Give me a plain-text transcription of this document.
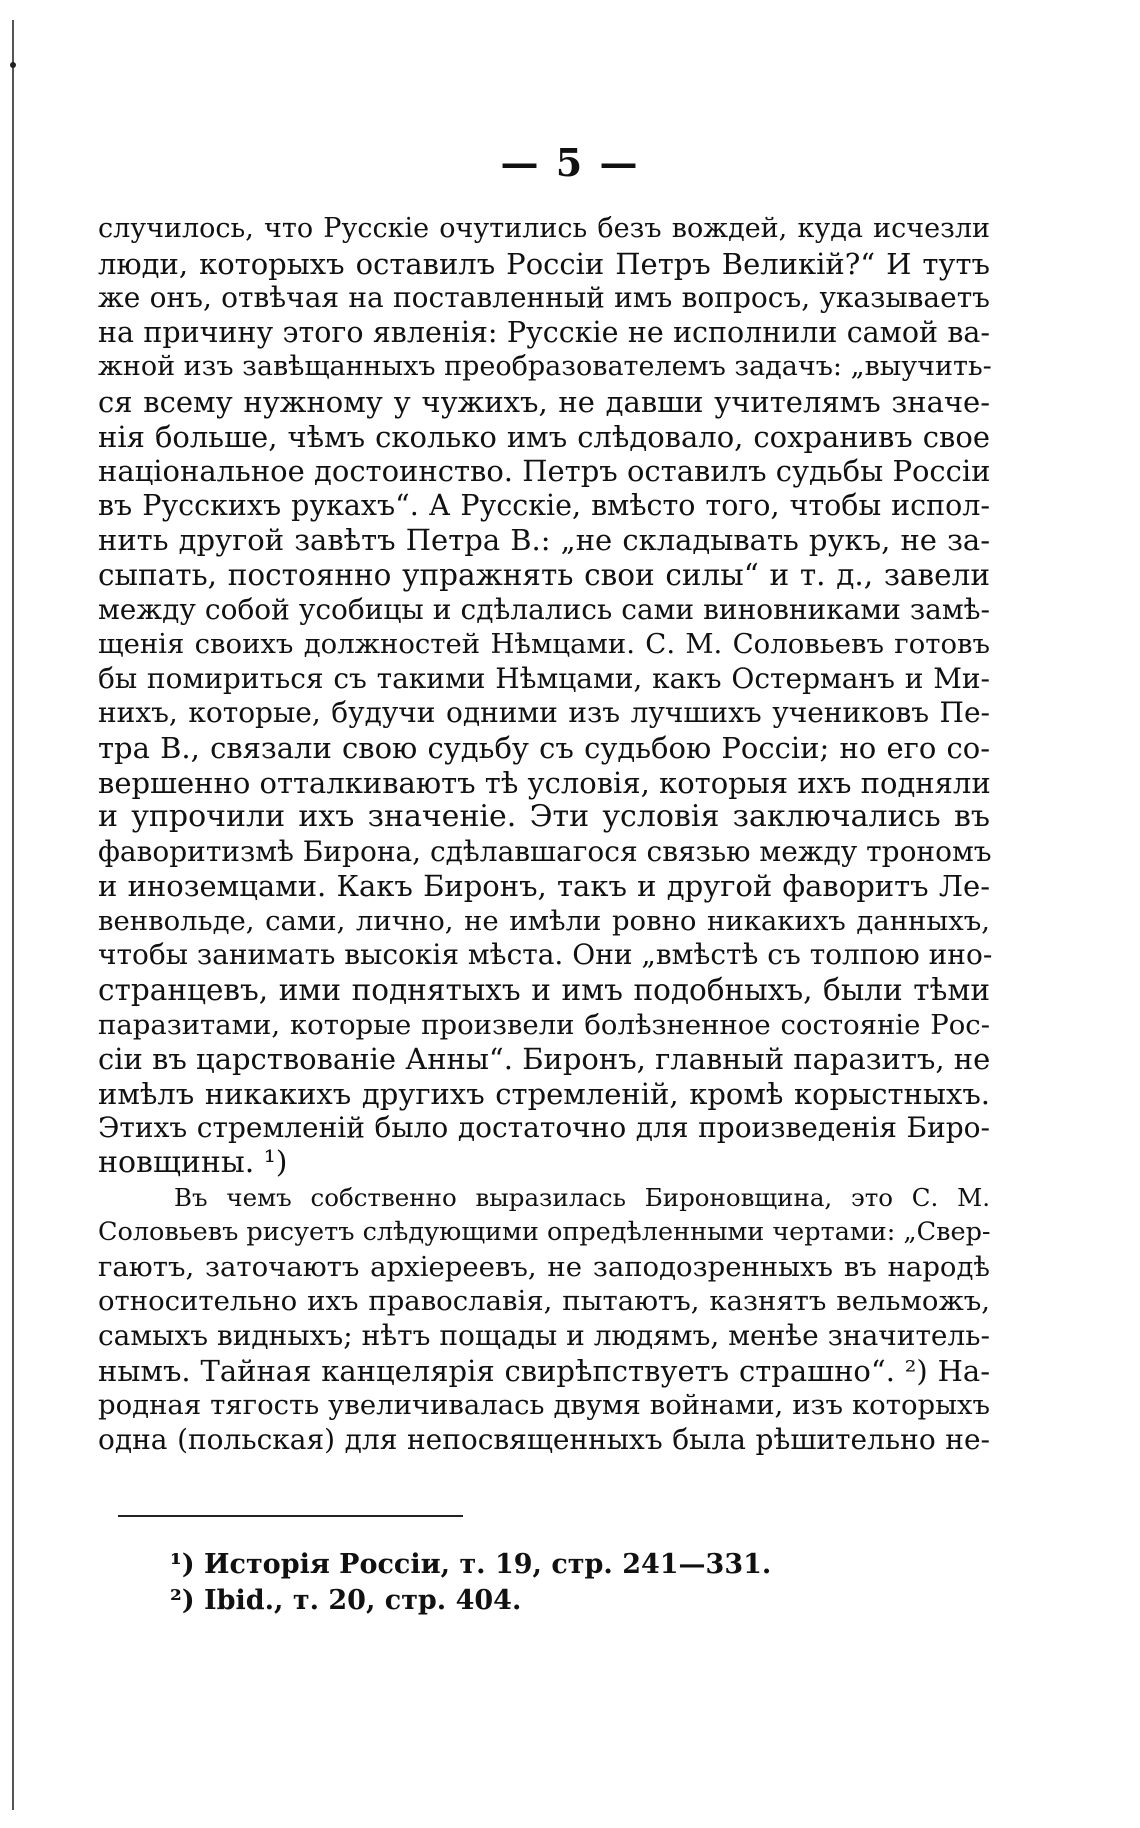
— 5 —
случилось, что Русскіе очутились безъ вождей, куда исчезли
люди, которыхъ оставилъ Россіи Петръ Великій?“ И тутъ
же онъ, отвѣчая на поставленный имъ вопросъ, указываетъ
на причину этого явленія: Русскіе не исполнили самой ва-
жной изъ завѣщанныхъ преобразователемъ задачъ: „выучить-
ся всему нужному у чужихъ, не давши учителямъ значе-
нія больше, чѣмъ сколько имъ слѣдовало, сохранивъ свое
національное достоинство. Петръ оставилъ судьбы Россіи
въ Русскихъ рукахъ“. А Русскіе, вмѣсто того, чтобы испол-
нить другой завѣтъ Петра В.: „не складывать рукъ, не за-
сыпать, постоянно упражнять свои силы“ и т. д., завели
между собой усобицы и сдѣлались сами виновниками замѣ-
щенія своихъ должностей Нѣмцами. С. М. Соловьевъ готовъ
бы помириться съ такими Нѣмцами, какъ Остерманъ и Ми-
нихъ, которые, будучи одними изъ лучшихъ учениковъ Пе-
тра В., связали свою судьбу съ судьбою Россіи; но его со-
вершенно отталкиваютъ тѣ условія, которыя ихъ подняли
и упрочили ихъ значеніе. Эти условія заключались въ
фаворитизмѣ Бирона, сдѣлавшагося связью между трономъ
и иноземцами. Какъ Биронъ, такъ и другой фаворитъ Ле-
венвольде, сами, лично, не имѣли ровно никакихъ данныхъ,
чтобы занимать высокія мѣста. Они „вмѣстѣ съ толпою ино-
странцевъ, ими поднятыхъ и имъ подобныхъ, были тѣми
паразитами, которые произвели болѣзненное состояніе Рос-
сіи въ царствованіе Анны“. Биронъ, главный паразитъ, не
имѣлъ никакихъ другихъ стремленій, кромѣ корыстныхъ.
Этихъ стремленій было достаточно для произведенія Биро-
новщины. ¹)
Въ чемъ собственно выразилась Бироновщина, это С. М.
Соловьевъ рисуетъ слѣдующими опредѣленными чертами: „Свер-
гаютъ, заточаютъ архіереевъ, не заподозренныхъ въ народѣ
относительно ихъ православія, пытаютъ, казнятъ вельможъ,
самыхъ видныхъ; нѣтъ пощады и людямъ, менѣе значитель-
нымъ. Тайная канцелярія свирѣпствуетъ страшно“. ²) На-
родная тягость увеличивалась двумя войнами, изъ которыхъ
одна (польская) для непосвященныхъ была рѣшительно не-
¹) Исторія Россіи, т. 19, стр. 241—331.
²) Ibid., т. 20, стр. 404.
